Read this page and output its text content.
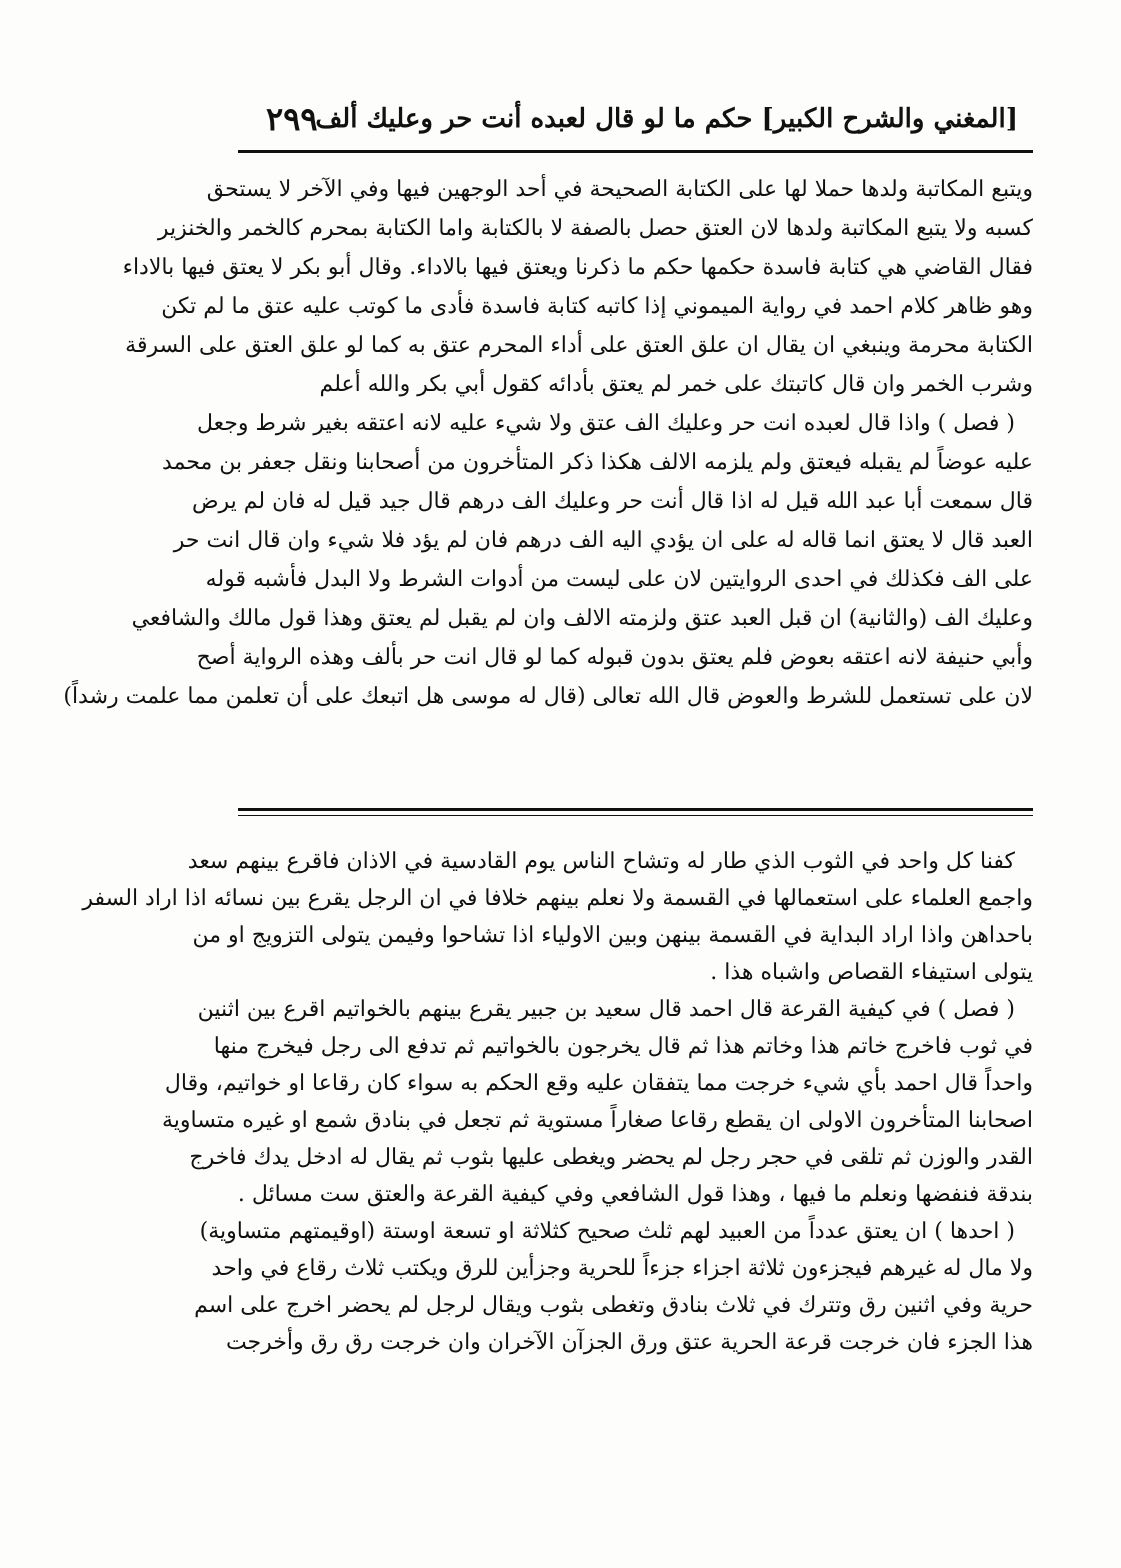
[المغني والشرح الكبير] حكم ما لو قال لعبده أنت حر وعليك ألف
٢٩٩
ويتبع المكاتبة ولدها حملا لها على الكتابة الصحيحة في أحد الوجهين فيها وفي الآخر لا يستحق
كسبه ولا يتبع المكاتبة ولدها لان العتق حصل بالصفة لا بالكتابة واما الكتابة بمحرم كالخمر والخنزير
فقال القاضي هي كتابة فاسدة حكمها حكم ما ذكرنا ويعتق فيها بالاداء. وقال أبو بكر لا يعتق فيها بالاداء
وهو ظاهر كلام احمد في رواية الميموني إذا كاتبه كتابة فاسدة فأدى ما كوتب عليه عتق ما لم تكن
الكتابة محرمة وينبغي ان يقال ان علق العتق على أداء المحرم عتق به كما لو علق العتق على السرقة
وشرب الخمر وان قال كاتبتك على خمر لم يعتق بأدائه كقول أبي بكر والله أعلم
( فصل ) واذا قال لعبده انت حر وعليك الف عتق ولا شيء عليه لانه اعتقه بغير شرط وجعل
عليه عوضاً لم يقبله فيعتق ولم يلزمه الالف هكذا ذكر المتأخرون من أصحابنا ونقل جعفر بن محمد
قال سمعت أبا عبد الله قيل له اذا قال أنت حر وعليك الف درهم قال جيد قيل له فان لم يرض
العبد قال لا يعتق انما قاله له على ان يؤدي اليه الف درهم فان لم يؤد فلا شيء وان قال انت حر
على الف فكذلك في احدى الروايتين لان على ليست من أدوات الشرط ولا البدل فأشبه قوله
وعليك الف (والثانية) ان قبل العبد عتق ولزمته الالف وان لم يقبل لم يعتق وهذا قول مالك والشافعي
وأبي حنيفة لانه اعتقه بعوض فلم يعتق بدون قبوله كما لو قال انت حر بألف وهذه الرواية أصح
لان على تستعمل للشرط والعوض قال الله تعالى (قال له موسى هل اتبعك على أن تعلمن مما علمت رشداً)
كفنا كل واحد في الثوب الذي طار له وتشاح الناس يوم القادسية في الاذان فاقرع بينهم سعد
واجمع العلماء على استعمالها في القسمة ولا نعلم بينهم خلافا في ان الرجل يقرع بين نسائه اذا اراد السفر
باحداهن واذا اراد البداية في القسمة بينهن وبين الاولياء اذا تشاحوا وفيمن يتولى التزويج او من
يتولى استيفاء القصاص واشباه هذا .
( فصل ) في كيفية القرعة قال احمد قال سعيد بن جبير يقرع بينهم بالخواتيم اقرع بين اثنين
في ثوب فاخرج خاتم هذا وخاتم هذا ثم قال يخرجون بالخواتيم ثم تدفع الى رجل فيخرج منها
واحداً قال احمد بأي شيء خرجت مما يتفقان عليه وقع الحكم به سواء كان رقاعا او خواتيم، وقال
اصحابنا المتأخرون الاولى ان يقطع رقاعا صغاراً مستوية ثم تجعل في بنادق شمع او غيره متساوية
القدر والوزن ثم تلقى في حجر رجل لم يحضر ويغطى عليها بثوب ثم يقال له ادخل يدك فاخرج
بندقة فنفضها ونعلم ما فيها ، وهذا قول الشافعي وفي كيفية القرعة والعتق ست مسائل .
( احدها ) ان يعتق عدداً من العبيد لهم ثلث صحيح كثلاثة او تسعة اوستة (اوقيمتهم متساوية)
ولا مال له غيرهم فيجزءون ثلاثة اجزاء جزءاً للحرية وجزأين للرق ويكتب ثلاث رقاع في واحد
حرية وفي اثنين رق وتترك في ثلاث بنادق وتغطى بثوب ويقال لرجل لم يحضر اخرج على اسم
هذا الجزء فان خرجت قرعة الحرية عتق ورق الجزآن الآخران وان خرجت رق رق وأخرجت
